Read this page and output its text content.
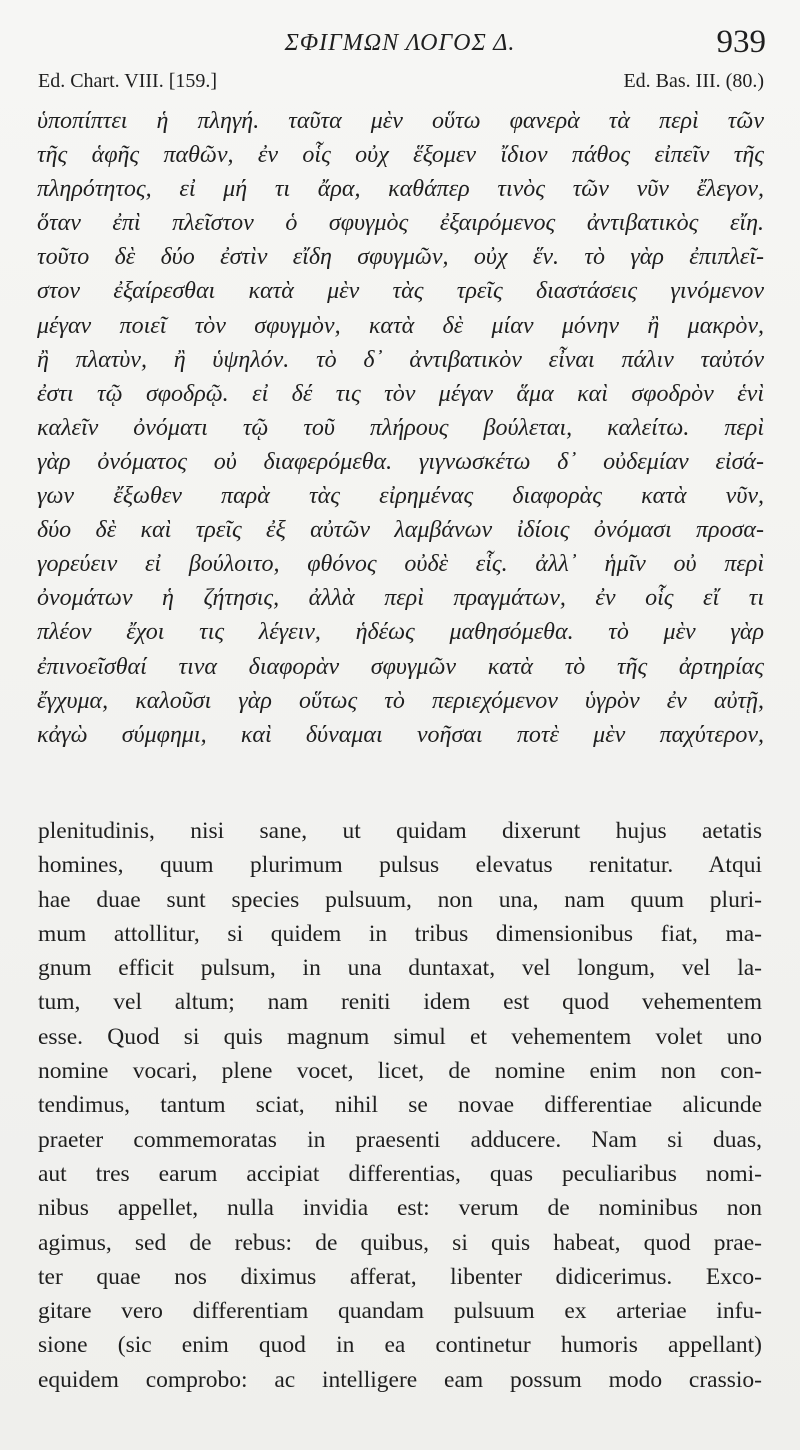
ΣΦΙΓΜΩΝ ΛΟΓΟΣ Δ.	939
Ed. Chart. VIII. [159.]	Ed. Bas. III. (80.)
ὑποπίπτει ἡ πληγή. ταῦτα μὲν οὕτω φανερὰ τὰ περὶ τῶν
τῆς ἁφῆς παθῶν, ἐν οἷς οὐχ ἕξομεν ἴδιον πάθος εἰπεῖν τῆς
πληρότητος, εἰ μή τι ἄρα, καθάπερ τινὸς τῶν νῦν ἔλεγον,
ὅταν ἐπὶ πλεῖστον ὁ σφυγμὸς ἐξαιρόμενος ἀντιβατικὸς εἴη.
τοῦτο δὲ δύο ἐστὶν εἴδη σφυγμῶν, οὐχ ἕν. τὸ γὰρ ἐπιπλεῖ-
στον ἐξαίρεσθαι κατὰ μὲν τὰς τρεῖς διαστάσεις γινόμενον
μέγαν ποιεῖ τὸν σφυγμὸν, κατὰ δὲ μίαν μόνην ἢ μακρὸν,
ἢ πλατὺν, ἢ ὑψηλόν. τὸ δ᾽ ἀντιβατικὸν εἶναι πάλιν ταὐτόν
ἐστι τῷ σφοδρῷ. εἰ δέ τις τὸν μέγαν ἅμα καὶ σφοδρὸν ἑνὶ
καλεῖν ὀνόματι τῷ τοῦ πλήρους βούλεται, καλείτω. περὶ
γὰρ ὀνόματος οὐ διαφερόμεθα. γιγνωσκέτω δ᾽ οὐδεμίαν εἰσά-
γων ἔξωθεν παρὰ τὰς εἰρημένας διαφορὰς κατὰ νῦν,
δύο δὲ καὶ τρεῖς ἐξ αὐτῶν λαμβάνων ἰδίοις ὀνόμασι προσα-
γορεύειν εἰ βούλοιτο, φθόνος οὐδὲ εἷς. ἀλλ᾽ ἡμῖν οὐ περὶ
ὀνομάτων ἡ ζήτησις, ἀλλὰ περὶ πραγμάτων, ἐν οἷς εἴ τι
πλέον ἔχοι τις λέγειν, ἡδέως μαθησόμεθα. τὸ μὲν γὰρ
ἐπινοεῖσθαί τινα διαφορὰν σφυγμῶν κατὰ τὸ τῆς ἀρτηρίας
ἔγχυμα, καλοῦσι γὰρ οὕτως τὸ περιεχόμενον ὑγρὸν ἐν αὐτῇ,
κἀγὼ σύμφημι, καὶ δύναμαι νοῆσαι ποτὲ μὲν παχύτερον,
plenitudinis, nisi sane, ut quidam dixerunt hujus aetatis
homines, quum plurimum pulsus elevatus renitatur. Atqui
hae duae sunt species pulsuum, non una, nam quum pluri-
mum attollitur, si quidem in tribus dimensionibus fiat, ma-
gnum efficit pulsum, in una duntaxat, vel longum, vel la-
tum, vel altum; nam reniti idem est quod vehementem
esse. Quod si quis magnum simul et vehementem volet uno
nomine vocari, plene vocet, licet, de nomine enim non con-
tendimus, tantum sciat, nihil se novae differentiae alicunde
praeter commemoratas in praesenti adducere. Nam si duas,
aut tres earum accipiat differentias, quas peculiaribus nomi-
nibus appellet, nulla invidia est: verum de nominibus non
agimus, sed de rebus: de quibus, si quis habeat, quod prae-
ter quae nos diximus afferat, libenter didicerimus. Exco-
gitare vero differentiam quandam pulsuum ex arteriae infu-
sione (sic enim quod in ea continetur humoris appellant)
equidem comprobo: ac intelligere eam possum modo crassio-
